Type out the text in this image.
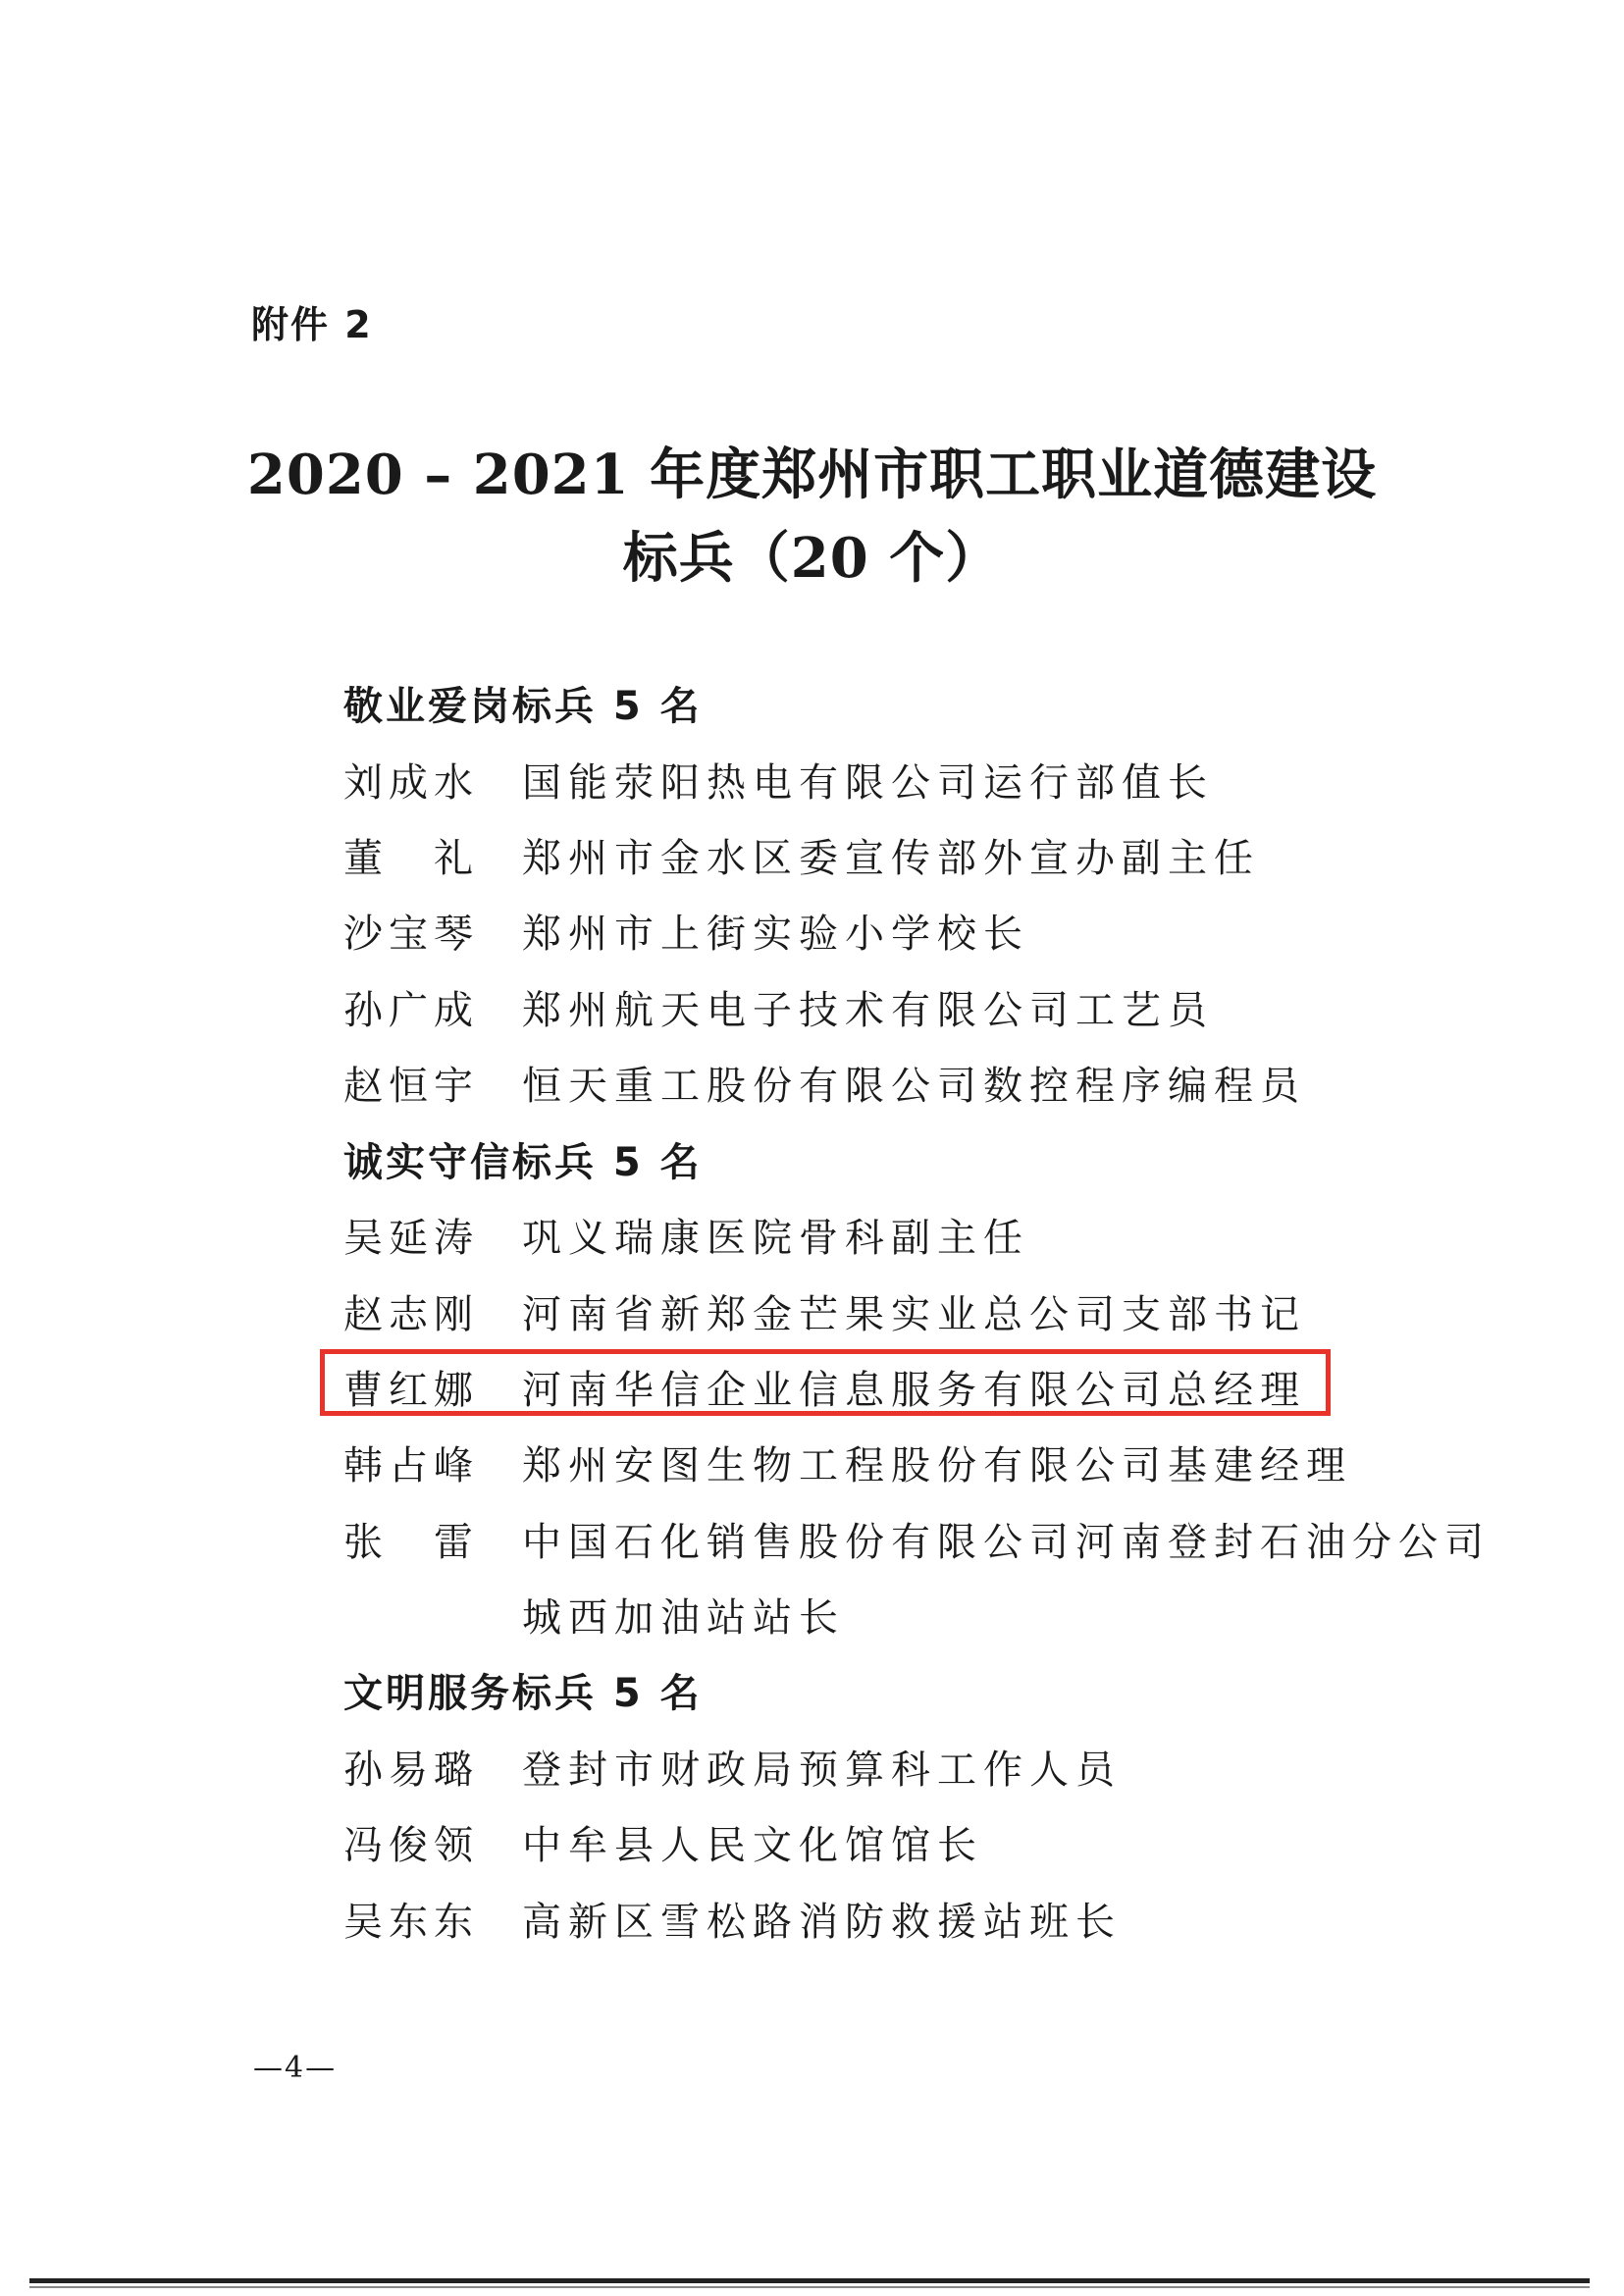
附件 2
2020 – 2021 年度郑州市职工职业道德建设
标兵（20 个）
敬业爱岗标兵 5 名
刘成水 国能荥阳热电有限公司运行部值长
董　礼 郑州市金水区委宣传部外宣办副主任
沙宝琴 郑州市上街实验小学校长
孙广成 郑州航天电子技术有限公司工艺员
赵恒宇 恒天重工股份有限公司数控程序编程员
诚实守信标兵 5 名
吴延涛 巩义瑞康医院骨科副主任
赵志刚 河南省新郑金芒果实业总公司支部书记
曹红娜 河南华信企业信息服务有限公司总经理
韩占峰 郑州安图生物工程股份有限公司基建经理
张　雷 中国石化销售股份有限公司河南登封石油分公司
城西加油站站长
文明服务标兵 5 名
孙易璐 登封市财政局预算科工作人员
冯俊领 中牟县人民文化馆馆长
吴东东 高新区雪松路消防救援站班长
—4—
